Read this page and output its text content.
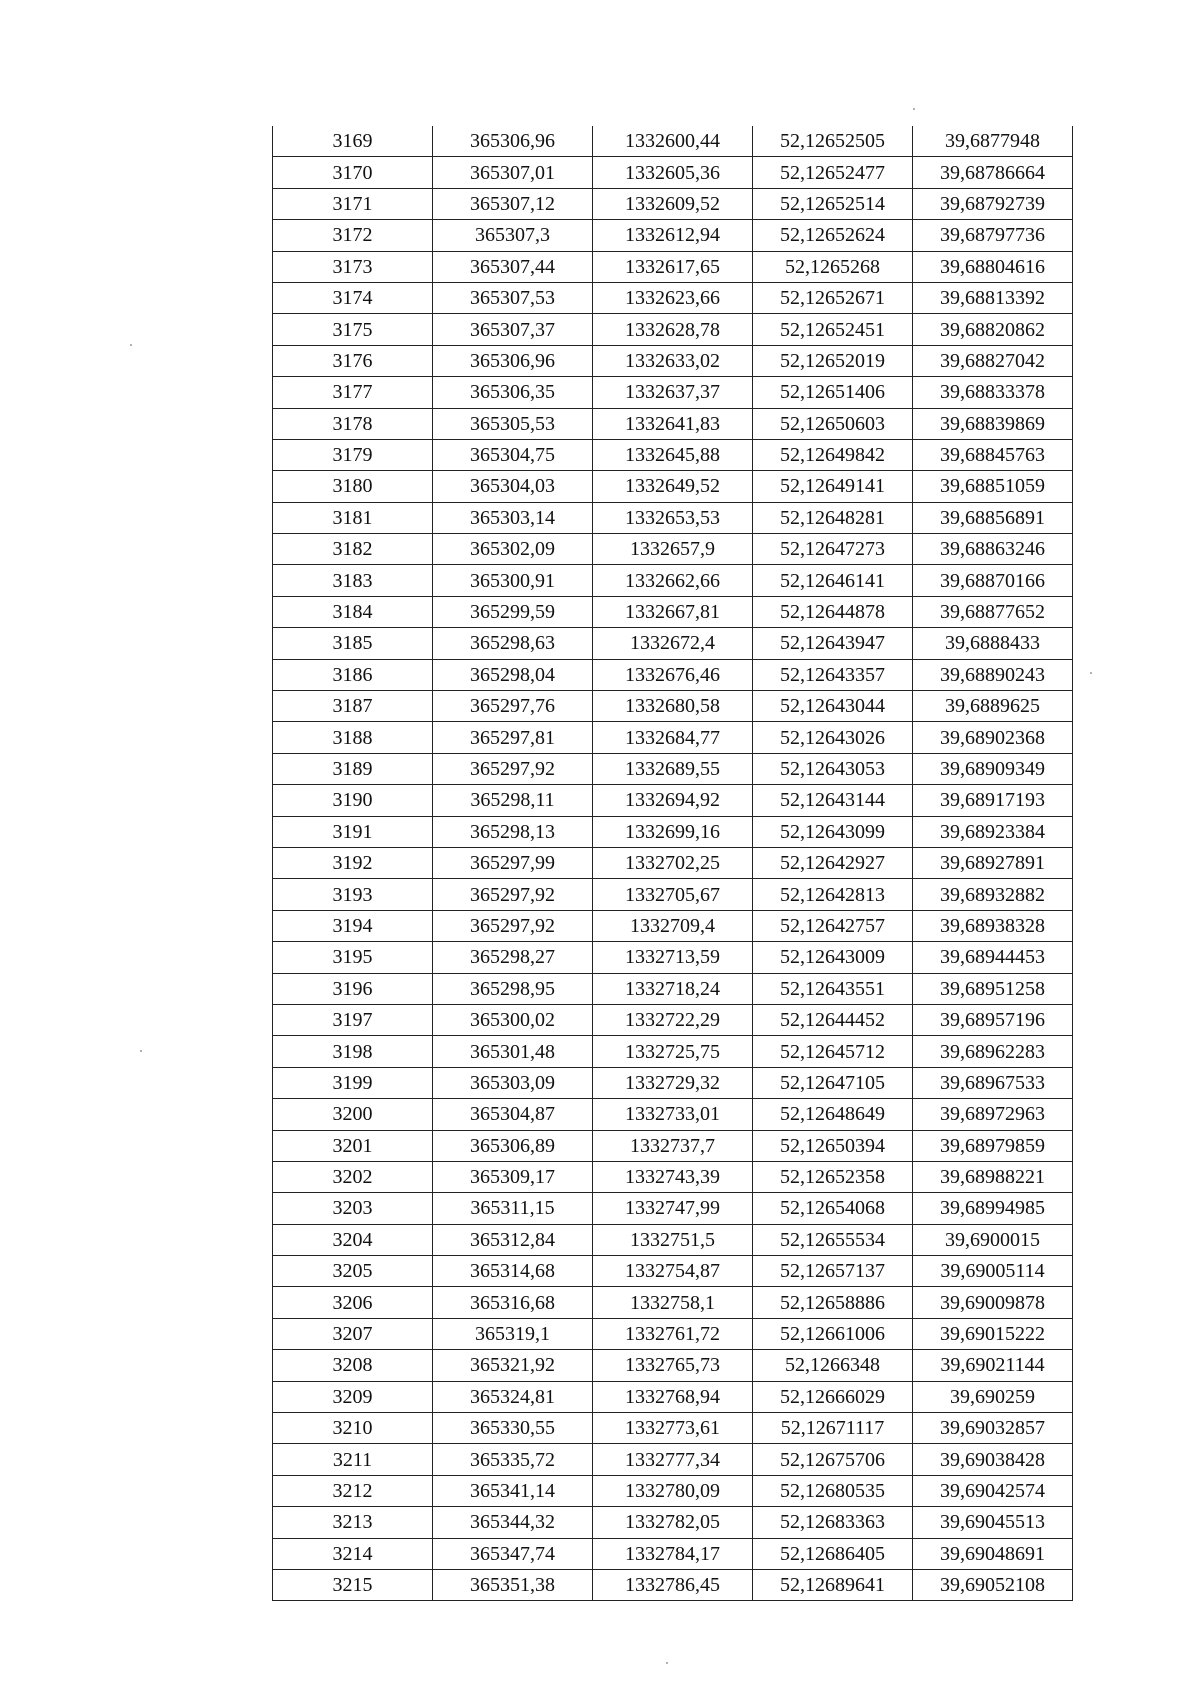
3169	365306,96	1332600,44	52,12652505	39,6877948
3170	365307,01	1332605,36	52,12652477	39,68786664
3171	365307,12	1332609,52	52,12652514	39,68792739
3172	365307,3	1332612,94	52,12652624	39,68797736
3173	365307,44	1332617,65	52,1265268	39,68804616
3174	365307,53	1332623,66	52,12652671	39,68813392
3175	365307,37	1332628,78	52,12652451	39,68820862
3176	365306,96	1332633,02	52,12652019	39,68827042
3177	365306,35	1332637,37	52,12651406	39,68833378
3178	365305,53	1332641,83	52,12650603	39,68839869
3179	365304,75	1332645,88	52,12649842	39,68845763
3180	365304,03	1332649,52	52,12649141	39,68851059
3181	365303,14	1332653,53	52,12648281	39,68856891
3182	365302,09	1332657,9	52,12647273	39,68863246
3183	365300,91	1332662,66	52,12646141	39,68870166
3184	365299,59	1332667,81	52,12644878	39,68877652
3185	365298,63	1332672,4	52,12643947	39,6888433
3186	365298,04	1332676,46	52,12643357	39,68890243
3187	365297,76	1332680,58	52,12643044	39,6889625
3188	365297,81	1332684,77	52,12643026	39,68902368
3189	365297,92	1332689,55	52,12643053	39,68909349
3190	365298,11	1332694,92	52,12643144	39,68917193
3191	365298,13	1332699,16	52,12643099	39,68923384
3192	365297,99	1332702,25	52,12642927	39,68927891
3193	365297,92	1332705,67	52,12642813	39,68932882
3194	365297,92	1332709,4	52,12642757	39,68938328
3195	365298,27	1332713,59	52,12643009	39,68944453
3196	365298,95	1332718,24	52,12643551	39,68951258
3197	365300,02	1332722,29	52,12644452	39,68957196
3198	365301,48	1332725,75	52,12645712	39,68962283
3199	365303,09	1332729,32	52,12647105	39,68967533
3200	365304,87	1332733,01	52,12648649	39,68972963
3201	365306,89	1332737,7	52,12650394	39,68979859
3202	365309,17	1332743,39	52,12652358	39,68988221
3203	365311,15	1332747,99	52,12654068	39,68994985
3204	365312,84	1332751,5	52,12655534	39,6900015
3205	365314,68	1332754,87	52,12657137	39,69005114
3206	365316,68	1332758,1	52,12658886	39,69009878
3207	365319,1	1332761,72	52,12661006	39,69015222
3208	365321,92	1332765,73	52,1266348	39,69021144
3209	365324,81	1332768,94	52,12666029	39,690259
3210	365330,55	1332773,61	52,12671117	39,69032857
3211	365335,72	1332777,34	52,12675706	39,69038428
3212	365341,14	1332780,09	52,12680535	39,69042574
3213	365344,32	1332782,05	52,12683363	39,69045513
3214	365347,74	1332784,17	52,12686405	39,69048691
3215	365351,38	1332786,45	52,12689641	39,69052108
